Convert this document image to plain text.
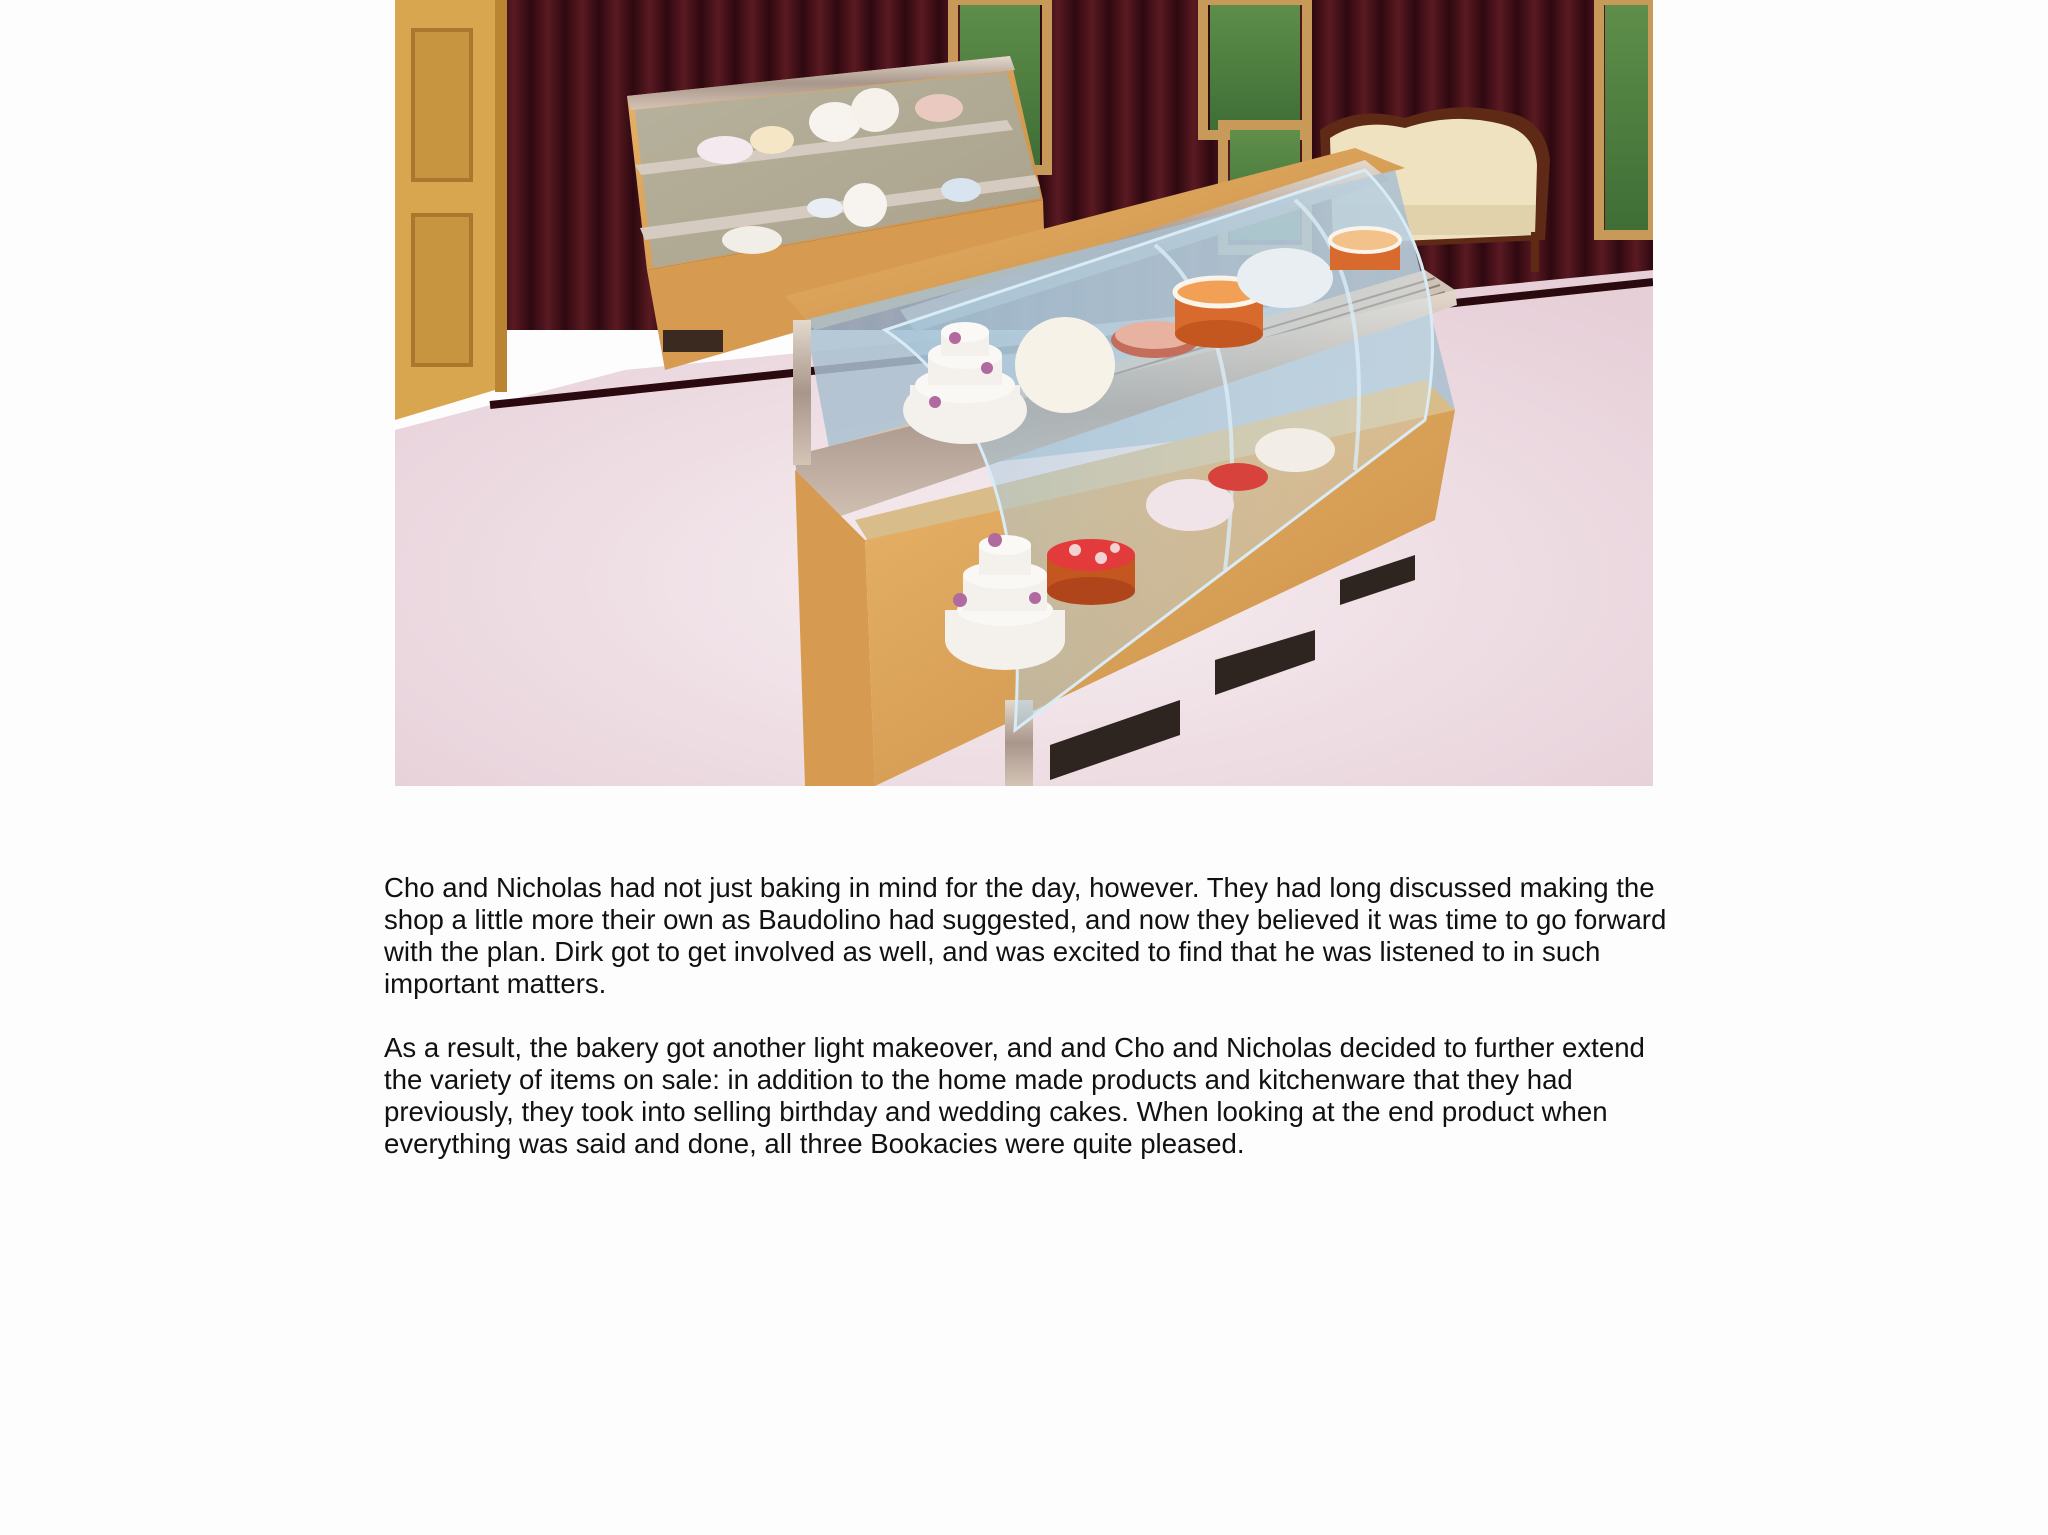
Cho and Nicholas had not just baking in mind for the day, however. They had long discussed making the shop a little more their own as Baudolino had suggested, and now they believed it was time to go forward with the plan. Dirk got to get involved as well, and was excited to find that he was listened to in such important matters.

As a result, the bakery got another light makeover, and and Cho and Nicholas decided to further extend the variety of items on sale: in addition to the home made products and kitchenware that they had previously, they took into selling birthday and wedding cakes. When looking at the end product when everything was said and done, all three Bookacies were quite pleased.
